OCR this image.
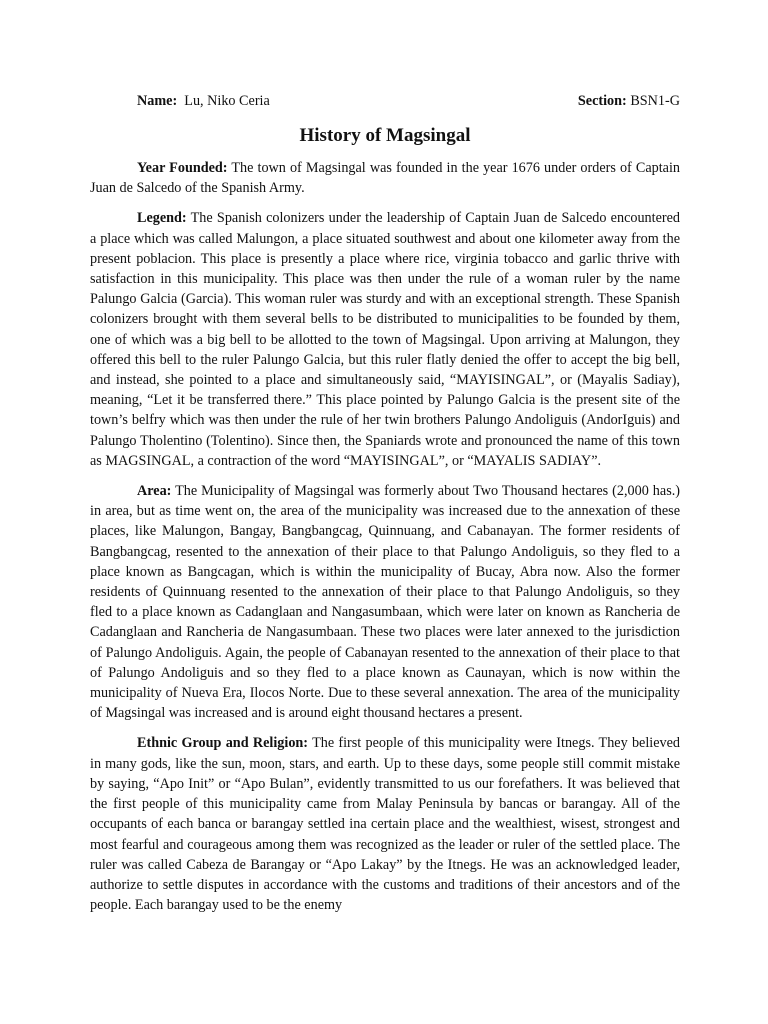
Name: Lu, Niko Ceria	Section: BSN1-G
History of Magsingal

Year Founded: The town of Magsingal was founded in the year 1676 under orders of Captain Juan de Salcedo of the Spanish Army.

Legend: The Spanish colonizers under the leadership of Captain Juan de Salcedo encountered a place which was called Malungon, a place situated southwest and about one kilometer away from the present poblacion. This place is presently a place where rice, virginia tobacco and garlic thrive with satisfaction in this municipality. This place was then under the rule of a woman ruler by the name Palungo Galcia (Garcia). This woman ruler was sturdy and with an exceptional strength. These Spanish colonizers brought with them several bells to be distributed to municipalities to be founded by them, one of which was a big bell to be allotted to the town of Magsingal. Upon arriving at Malungon, they offered this bell to the ruler Palungo Galcia, but this ruler flatly denied the offer to accept the big bell, and instead, she pointed to a place and simultaneously said, “MAYISINGAL”, or (Mayalis Sadiay), meaning, “Let it be transferred there.” This place pointed by Palungo Galcia is the present site of the town’s belfry which was then under the rule of her twin brothers Palungo Andoliguis (AndorIguis) and Palungo Tholentino (Tolentino). Since then, the Spaniards wrote and pronounced the name of this town as MAGSINGAL, a contraction of the word “MAYISINGAL”, or “MAYALIS SADIAY”.

Area: The Municipality of Magsingal was formerly about Two Thousand hectares (2,000 has.) in area, but as time went on, the area of the municipality was increased due to the annexation of these places, like Malungon, Bangay, Bangbangcag, Quinnuang, and Cabanayan. The former residents of Bangbangcag, resented to the annexation of their place to that Palungo Andoliguis, so they fled to a place known as Bangcagan, which is within the municipality of Bucay, Abra now. Also the former residents of Quinnuang resented to the annexation of their place to that Palungo Andoliguis, so they fled to a place known as Cadanglaan and Nangasumbaan, which were later on known as Rancheria de Cadanglaan and Rancheria de Nangasumbaan. These two places were later annexed to the jurisdiction of Palungo Andoliguis. Again, the people of Cabanayan resented to the annexation of their place to that of Palungo Andoliguis and so they fled to a place known as Caunayan, which is now within the municipality of Nueva Era, Ilocos Norte. Due to these several annexation. The area of the municipality of Magsingal was increased and is around eight thousand hectares a present.

Ethnic Group and Religion: The first people of this municipality were Itnegs. They believed in many gods, like the sun, moon, stars, and earth. Up to these days, some people still commit mistake by saying, “Apo Init” or “Apo Bulan”, evidently transmitted to us our forefathers. It was believed that the first people of this municipality came from Malay Peninsula by bancas or barangay. All of the occupants of each banca or barangay settled ina certain place and the wealthiest, wisest, strongest and most fearful and courageous among them was recognized as the leader or ruler of the settled place. The ruler was called Cabeza de Barangay or “Apo Lakay” by the Itnegs. He was an acknowledged leader, authorize to settle disputes in accordance with the customs and traditions of their ancestors and of the people. Each barangay used to be the enemy
